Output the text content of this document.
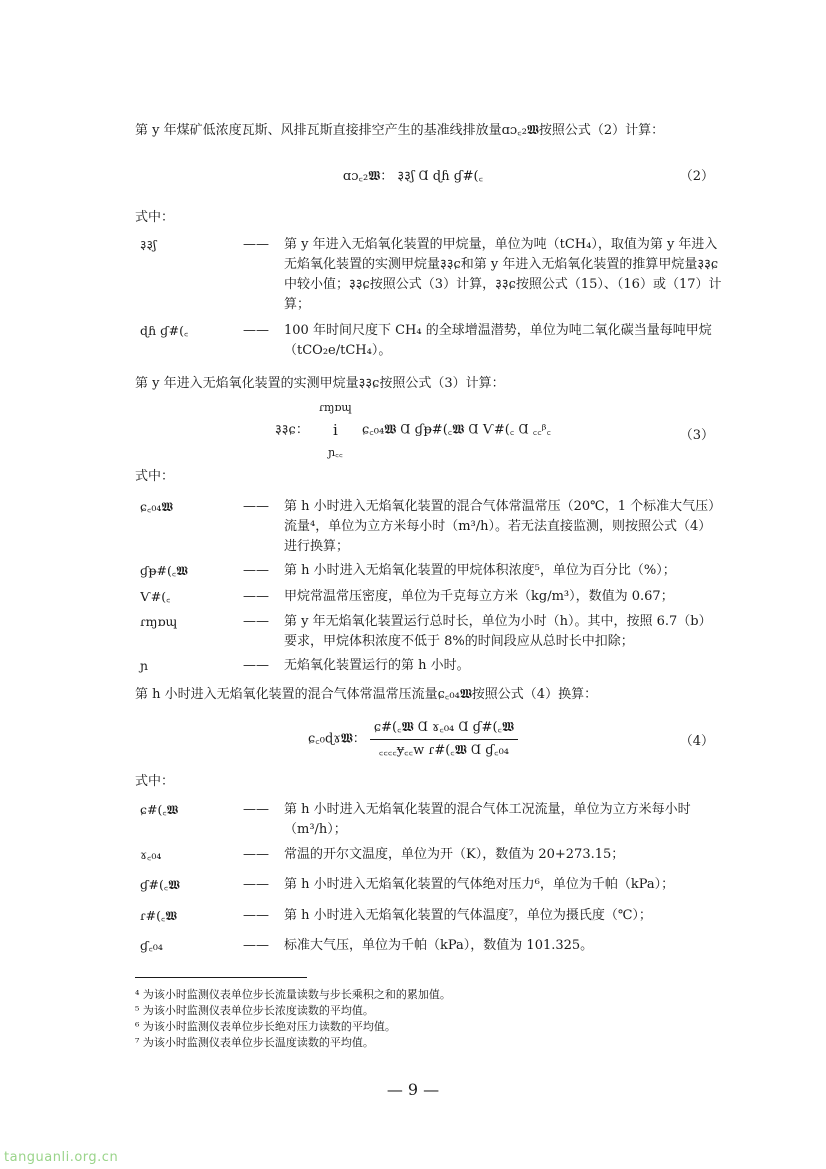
第 y 年煤矿低浓度瓦斯、风排瓦斯直接排空产生的基准线排放量ɑɔ꜀₂𝖂按照公式（2）计算：
ɑɔ꜀₂𝖂： ३३ʃ Ɑ ɖɦ ɠ#(꜀	（2）
式中：
३३ʃ	—— 第 y 年进入无焰氧化装置的甲烷量，单位为吨（tCH₄），取值为第 y 年进入无焰氧化装置的实测甲烷量३३ɕ和第 y 年进入无焰氧化装置的推算甲烷量३३ɕ中较小值；३३ɕ按照公式（3）计算，३३ɕ按照公式（15）、（16）或（17）计算；
ɖɦ ɠ#(꜀	—— 100 年时间尺度下 CH₄ 的全球增温潜势，单位为吨二氧化碳当量每吨甲烷（tCO₂e/tCH₄）。
第 y 年进入无焰氧化装置的实测甲烷量३३ɕ按照公式（3）计算：
३३ɕ： ɾɱɒɰ
i
ɲ꜀꜀ ɕ꜀₀₄𝖂 Ɑ ɠᵽ#(꜀𝖂 Ɑ Ѵ#(꜀ Ɑ ꜀꜀ᵝ꜀	（3）
式中：
ɕ꜀₀₄𝖂	—— 第 h 小时进入无焰氧化装置的混合气体常温常压（20℃，1 个标准大气压）流量⁴，单位为立方米每小时（m³/h）。若无法直接监测，则按照公式（4）进行换算；
ɠᵽ#(꜀𝖂	—— 第 h 小时进入无焰氧化装置的甲烷体积浓度⁵，单位为百分比（%）；
Ѵ#(꜀	—— 甲烷常温常压密度，单位为千克每立方米（kg/m³），数值为 0.67；
ɾɱɒɰ	—— 第 y 年无焰氧化装置运行总时长，单位为小时（h）。其中，按照 6.7（b）要求，甲烷体积浓度不低于 8%的时间段应从总时长中扣除；
ɲ	—— 无焰氧化装置运行的第 h 小时。
第 h 小时进入无焰氧化装置的混合气体常温常压流量ɕ꜀₀₄𝖂按照公式（4）换算：
ɕ꜀₀ɖɤ𝖂： $\frac{\text{ɕ\#(꜀𝖂 Ɑ ɤ꜀₀₄ Ɑ ɠ\#(꜀𝖂}}{\text{꜀꜀꜀꜀ɏ꜀꜀w ɾ\#(꜀𝖂 Ɑ ɠ꜀₀₄}}$	（4）
式中：
ɕ#(꜀𝖂	—— 第 h 小时进入无焰氧化装置的混合气体工况流量，单位为立方米每小时（m³/h）；
ɤ꜀₀₄	—— 常温的开尔文温度，单位为开（K），数值为 20+273.15；
ɠ#(꜀𝖂	—— 第 h 小时进入无焰氧化装置的气体绝对压力⁶，单位为千帕（kPa）；
ɾ#(꜀𝖂	—— 第 h 小时进入无焰氧化装置的气体温度⁷，单位为摄氏度（℃）；
ɠ꜀₀₄	—— 标准大气压，单位为千帕（kPa），数值为 101.325。
⁴ 为该小时监测仪表单位步长流量读数与步长乘积之和的累加值。
⁵ 为该小时监测仪表单位步长浓度读数的平均值。
⁶ 为该小时监测仪表单位步长绝对压力读数的平均值。
⁷ 为该小时监测仪表单位步长温度读数的平均值。
— 9 —
tanguanli.org.cn
